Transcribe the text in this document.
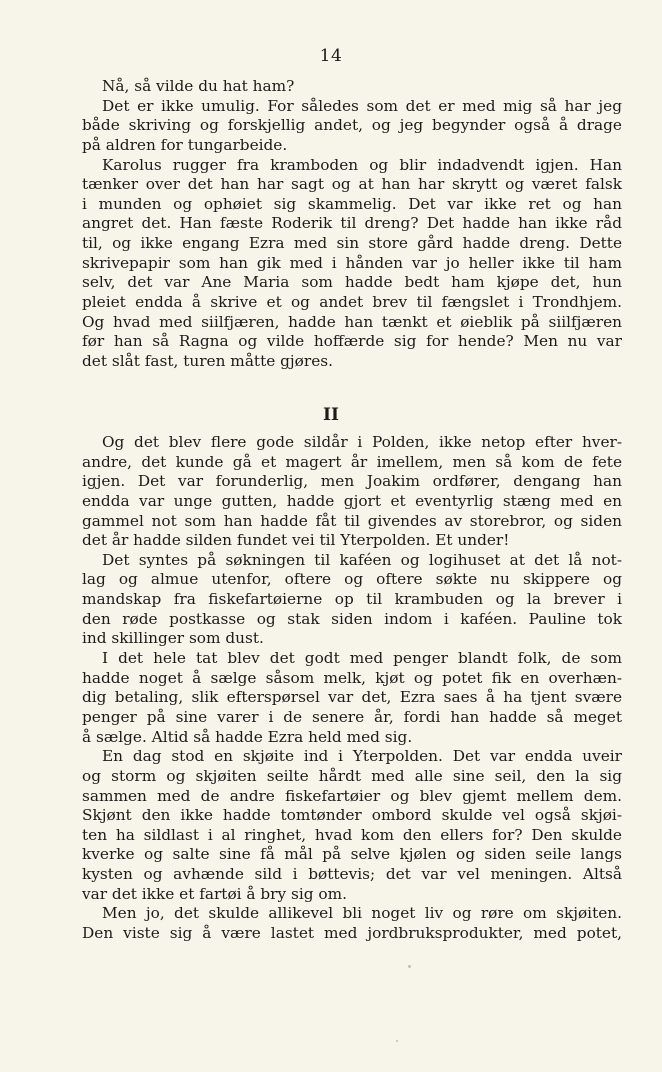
14
Nå, så vilde du hat ham?
Det er ikke umulig. For således som det er med mig så har jeg
både skriving og forskjellig andet, og jeg begynder også å drage
på aldren for tungarbeide.
Karolus rugger fra kramboden og blir indadvendt igjen. Han
tænker over det han har sagt og at han har skrytt og været falsk
i munden og ophøiet sig skammelig. Det var ikke ret og han
angret det. Han fæste Roderik til dreng? Det hadde han ikke råd
til, og ikke engang Ezra med sin store gård hadde dreng. Dette
skrivepapir som han gik med i hånden var jo heller ikke til ham
selv, det var Ane Maria som hadde bedt ham kjøpe det, hun
pleiet endda å skrive et og andet brev til fængslet i Trondhjem.
Og hvad med siilfjæren, hadde han tænkt et øieblik på siilfjæren
før han så Ragna og vilde hoffærde sig for hende? Men nu var
det slåt fast, turen måtte gjøres.
II
Og det blev flere gode sildår i Polden, ikke netop efter hver-
andre, det kunde gå et magert år imellem, men så kom de fete
igjen. Det var forunderlig, men Joakim ordfører, dengang han
endda var unge gutten, hadde gjort et eventyrlig stæng med en
gammel not som han hadde fåt til givendes av storebror, og siden
det år hadde silden fundet vei til Yterpolden. Et under!
Det syntes på søkningen til kaféen og logihuset at det lå not-
lag og almue utenfor, oftere og oftere søkte nu skippere og
mandskap fra fiskefartøierne op til krambuden og la brever i
den røde postkasse og stak siden indom i kaféen. Pauline tok
ind skillinger som dust.
I det hele tat blev det godt med penger blandt folk, de som
hadde noget å sælge såsom melk, kjøt og potet fik en overhæn-
dig betaling, slik efterspørsel var det, Ezra saes å ha tjent svære
penger på sine varer i de senere år, fordi han hadde så meget
å sælge. Altid så hadde Ezra held med sig.
En dag stod en skjøite ind i Yterpolden. Det var endda uveir
og storm og skjøiten seilte hårdt med alle sine seil, den la sig
sammen med de andre fiskefartøier og blev gjemt mellem dem.
Skjønt den ikke hadde tomtønder ombord skulde vel også skjøi-
ten ha sildlast i al ringhet, hvad kom den ellers for? Den skulde
kverke og salte sine få mål på selve kjølen og siden seile langs
kysten og avhænde sild i bøttevis; det var vel meningen. Altså
var det ikke et fartøi å bry sig om.
Men jo, det skulde allikevel bli noget liv og røre om skjøiten.
Den viste sig å være lastet med jordbruksprodukter, med potet,
